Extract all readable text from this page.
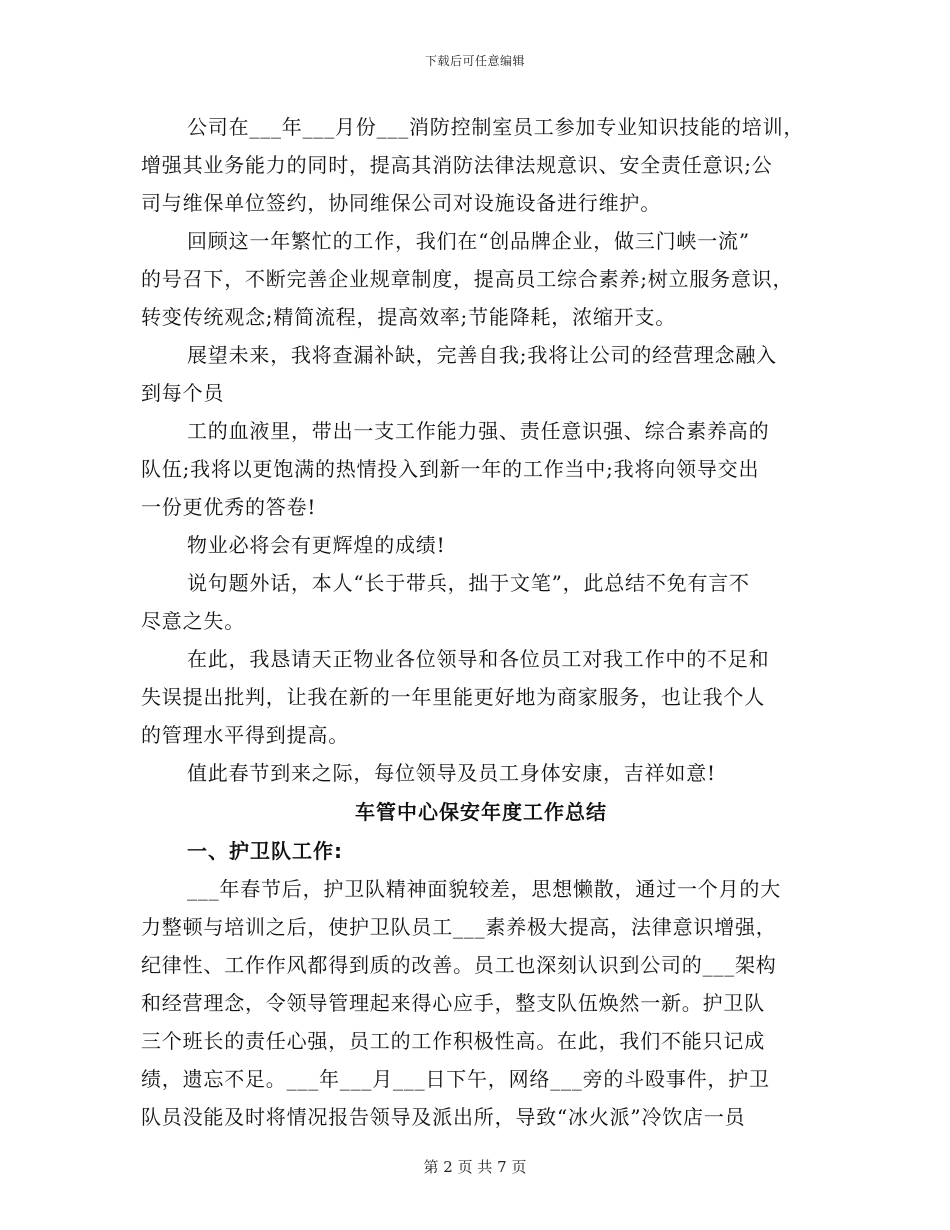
下载后可任意编辑
公司在___年___月份___消防控制室员工参加专业知识技能的培训，
增强其业务能力的同时，提高其消防法律法规意识、安全责任意识;公
司与维保单位签约，协同维保公司对设施设备进行维护。
回顾这一年繁忙的工作，我们在“创品牌企业，做三门峡一流”
的号召下，不断完善企业规章制度，提高员工综合素养;树立服务意识，
转变传统观念;精简流程，提高效率;节能降耗，浓缩开支。
展望未来，我将查漏补缺，完善自我;我将让公司的经营理念融入
到每个员
工的血液里，带出一支工作能力强、责任意识强、综合素养高的
队伍;我将以更饱满的热情投入到新一年的工作当中;我将向领导交出
一份更优秀的答卷!
物业必将会有更辉煌的成绩!
说句题外话，本人“长于带兵，拙于文笔”，此总结不免有言不
尽意之失。
在此，我恳请天正物业各位领导和各位员工对我工作中的不足和
失误提出批判，让我在新的一年里能更好地为商家服务，也让我个人
的管理水平得到提高。
值此春节到来之际，每位领导及员工身体安康，吉祥如意!
车管中心保安年度工作总结
一、护卫队工作:
___年春节后，护卫队精神面貌较差，思想懒散，通过一个月的大
力整顿与培训之后，使护卫队员工___素养极大提高，法律意识增强，
纪律性、工作作风都得到质的改善。员工也深刻认识到公司的___架构
和经营理念，令领导管理起来得心应手，整支队伍焕然一新。护卫队
三个班长的责任心强，员工的工作积极性高。在此，我们不能只记成
绩，遗忘不足。___年___月___日下午，网络___旁的斗殴事件，护卫
队员没能及时将情况报告领导及派出所，导致“冰火派”冷饮店一员
第 2 页 共 7 页
